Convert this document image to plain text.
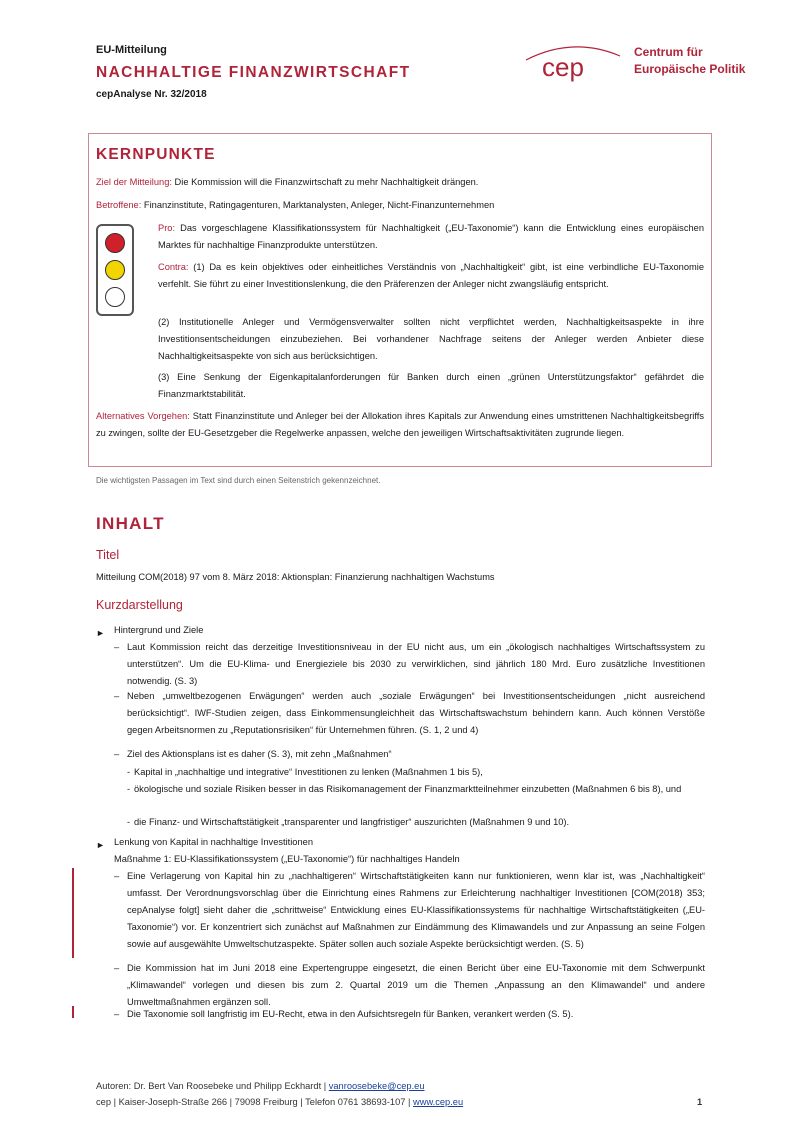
EU-Mitteilung
NACHHALTIGE FINANZWIRTSCHAFT
cepAnalyse Nr. 32/2018
cep	Centrum für
Europäische Politik
KERNPUNKTE
Ziel der Mitteilung: Die Kommission will die Finanzwirtschaft zu mehr Nachhaltigkeit drängen.
Betroffene: Finanzinstitute, Ratingagenturen, Marktanalysten, Anleger, Nicht-Finanzunternehmen
Pro: Das vorgeschlagene Klassifikationssystem für Nachhaltigkeit („EU-Taxonomie“) kann die Entwicklung eines europäischen Marktes für nachhaltige Finanzprodukte unterstützen.
Contra: (1) Da es kein objektives oder einheitliches Verständnis von „Nachhaltigkeit“ gibt, ist eine verbindliche EU-Taxonomie verfehlt. Sie führt zu einer Investitionslenkung, die den Präferenzen der Anleger nicht zwangsläufig entspricht.
(2) Institutionelle Anleger und Vermögensverwalter sollten nicht verpflichtet werden, Nachhaltigkeitsaspekte in ihre Investitionsentscheidungen einzubeziehen. Bei vorhandener Nachfrage seitens der Anleger werden Anbieter diese Nachhaltigkeitsaspekte von sich aus berücksichtigen.
(3) Eine Senkung der Eigenkapitalanforderungen für Banken durch einen „grünen Unterstützungsfaktor“ gefährdet die Finanzmarktstabilität.
Alternatives Vorgehen: Statt Finanzinstitute und Anleger bei der Allokation ihres Kapitals zur Anwendung eines umstrittenen Nachhaltigkeitsbegriffs zu zwingen, sollte der EU-Gesetzgeber die Regelwerke anpassen, welche den jeweiligen Wirtschaftsaktivitäten zugrunde liegen.
Die wichtigsten Passagen im Text sind durch einen Seitenstrich gekennzeichnet.
INHALT
Titel
Mitteilung COM(2018) 97 vom 8. März 2018: Aktionsplan: Finanzierung nachhaltigen Wachstums
Kurzdarstellung
► Hintergrund und Ziele
– Laut Kommission reicht das derzeitige Investitionsniveau in der EU nicht aus, um ein „ökologisch nachhaltiges Wirtschaftssystem zu unterstützen“. Um die EU-Klima- und Energieziele bis 2030 zu verwirklichen, sind jährlich 180 Mrd. Euro zusätzliche Investitionen notwendig. (S. 3)
– Neben „umweltbezogenen Erwägungen“ werden auch „soziale Erwägungen“ bei Investitionsentscheidungen „nicht ausreichend berücksichtigt“. IWF-Studien zeigen, dass Einkommensungleichheit das Wirtschaftswachstum behindern kann. Auch können Verstöße gegen Arbeitsnormen zu „Reputationsrisiken“ für Unternehmen führen. (S. 1, 2 und 4)
– Ziel des Aktionsplans ist es daher (S. 3), mit zehn „Maßnahmen“
- Kapital in „nachhaltige und integrative“ Investitionen zu lenken (Maßnahmen 1 bis 5),
- ökologische und soziale Risiken besser in das Risikomanagement der Finanzmarktteilnehmer einzubetten (Maßnahmen 6 bis 8), und
- die Finanz- und Wirtschaftstätigkeit „transparenter und langfristiger“ auszurichten (Maßnahmen 9 und 10).
► Lenkung von Kapital in nachhaltige Investitionen
Maßnahme 1: EU-Klassifikationssystem („EU-Taxonomie“) für nachhaltiges Handeln
– Eine Verlagerung von Kapital hin zu „nachhaltigeren“ Wirtschaftstätigkeiten kann nur funktionieren, wenn klar ist, was „Nachhaltigkeit“ umfasst. Der Verordnungsvorschlag über die Einrichtung eines Rahmens zur Erleichterung nachhaltiger Investitionen [COM(2018) 353; cepAnalyse folgt] sieht daher die „schrittweise“ Entwicklung eines EU-Klassifikationssystems für nachhaltige Wirtschaftstätigkeiten („EU-Taxonomie“) vor. Er konzentriert sich zunächst auf Maßnahmen zur Eindämmung des Klimawandels und zur Anpassung an seine Folgen sowie auf ausgewählte Umweltschutzaspekte. Später sollen auch soziale Aspekte berücksichtigt werden. (S. 5)
– Die Kommission hat im Juni 2018 eine Expertengruppe eingesetzt, die einen Bericht über eine EU-Taxonomie mit dem Schwerpunkt „Klimawandel“ vorlegen und diesen bis zum 2. Quartal 2019 um die Themen „Anpassung an den Klimawandel“ und andere Umweltmaßnahmen ergänzen soll.
– Die Taxonomie soll langfristig im EU-Recht, etwa in den Aufsichtsregeln für Banken, verankert werden (S. 5).
Autoren: Dr. Bert Van Roosebeke und Philipp Eckhardt | vanroosebeke@cep.eu
cep | Kaiser-Joseph-Straße 266 | 79098 Freiburg | Telefon 0761 38693-107 | www.cep.eu	1
